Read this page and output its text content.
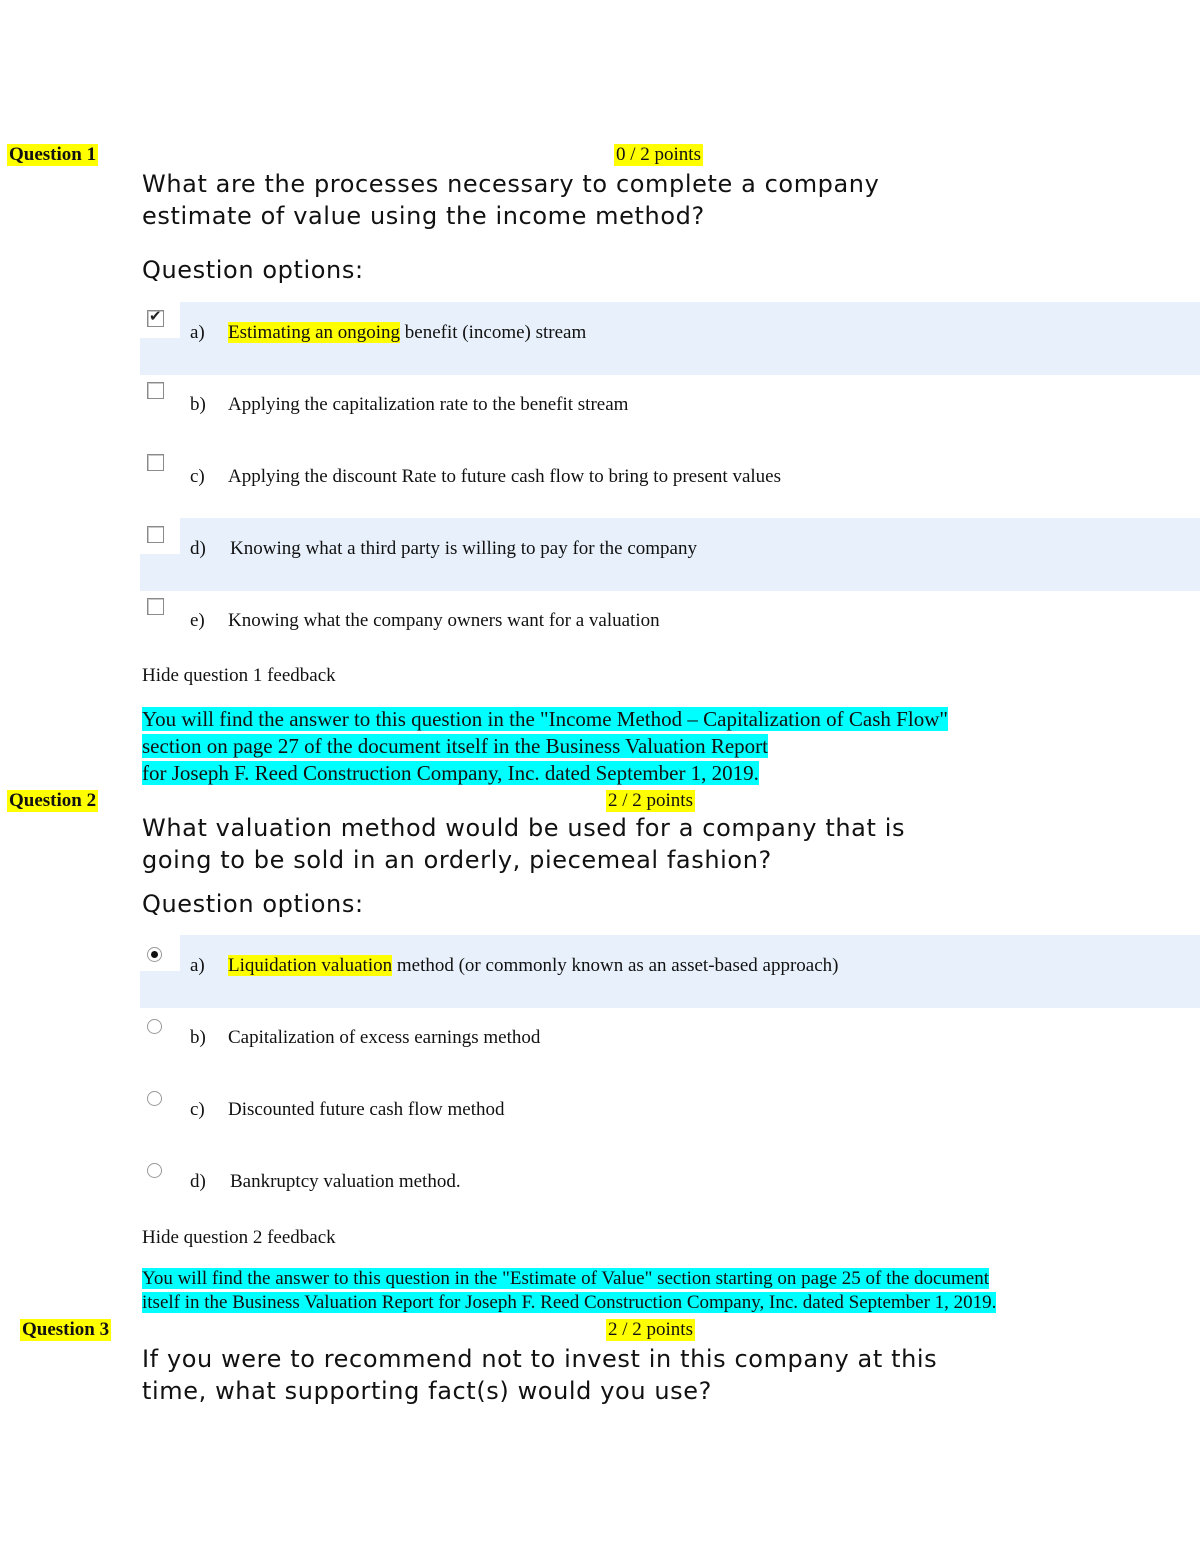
Question 1	0 / 2 points
What are the processes necessary to complete a company
estimate of value using the income method?
Question options:
✔
a) Estimating an ongoing benefit (income) stream
b) Applying the capitalization rate to the benefit stream
c) Applying the discount Rate to future cash flow to bring to present values
d) Knowing what a third party is willing to pay for the company
e) Knowing what the company owners want for a valuation
Hide question 1 feedback
You will find the answer to this question in the "Income Method – Capitalization of Cash Flow"
section on page 27 of the document itself in the Business Valuation Report
for Joseph F. Reed Construction Company, Inc. dated September 1, 2019.
Question 2	2 / 2 points
What valuation method would be used for a company that is
going to be sold in an orderly, piecemeal fashion?
Question options:
a) Liquidation valuation method (or commonly known as an asset-based approach)
b) Capitalization of excess earnings method
c) Discounted future cash flow method
d) Bankruptcy valuation method.
Hide question 2 feedback
You will find the answer to this question in the "Estimate of Value" section starting on page 25 of the document
itself in the Business Valuation Report for Joseph F. Reed Construction Company, Inc. dated September 1, 2019.
Question 3	2 / 2 points
If you were to recommend not to invest in this company at this
time, what supporting fact(s) would you use?
